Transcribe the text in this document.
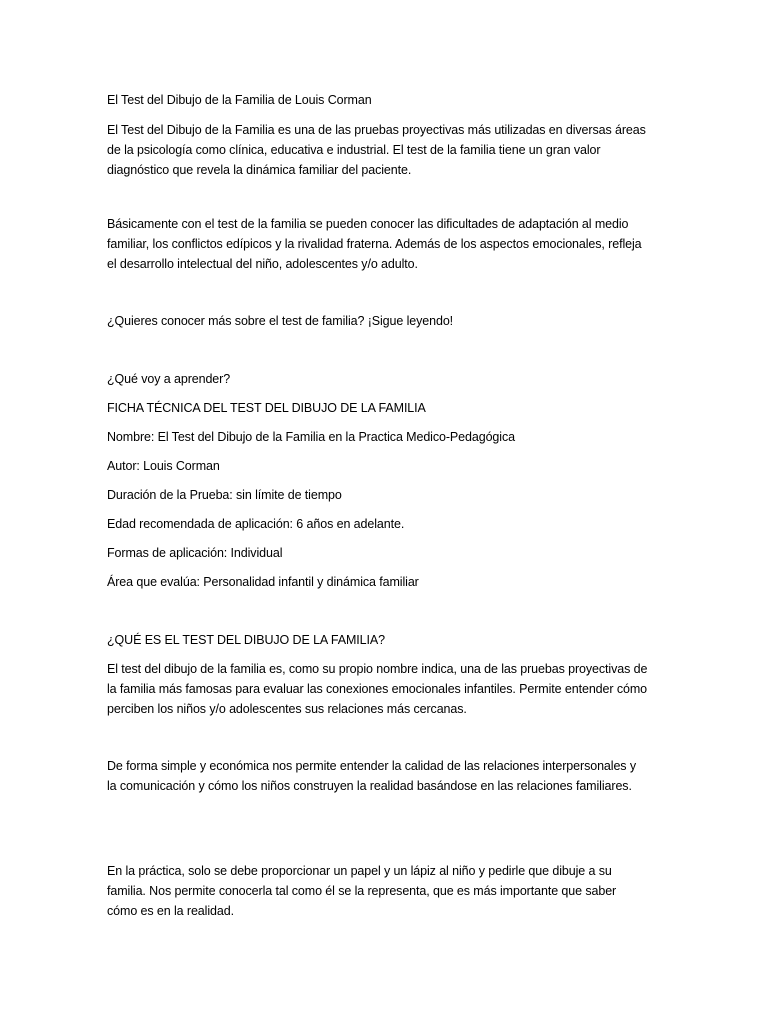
El Test del Dibujo de la Familia de Louis Corman
El Test del Dibujo de la Familia es una de las pruebas proyectivas más utilizadas en diversas áreas
de la psicología como clínica, educativa e industrial. El test de la familia tiene un gran valor
diagnóstico que revela la dinámica familiar del paciente.
Básicamente con el test de la familia se pueden conocer las dificultades de adaptación al medio
familiar, los conflictos edípicos y la rivalidad fraterna. Además de los aspectos emocionales, refleja
el desarrollo intelectual del niño, adolescentes y/o adulto.
¿Quieres conocer más sobre el test de familia? ¡Sigue leyendo!
¿Qué voy a aprender?
FICHA TÉCNICA DEL TEST DEL DIBUJO DE LA FAMILIA
Nombre: El Test del Dibujo de la Familia en la Practica Medico-Pedagógica
Autor: Louis Corman
Duración de la Prueba: sin límite de tiempo
Edad recomendada de aplicación: 6 años en adelante.
Formas de aplicación: Individual
Área que evalúa: Personalidad infantil y dinámica familiar
¿QUÉ ES EL TEST DEL DIBUJO DE LA FAMILIA?
El test del dibujo de la familia es, como su propio nombre indica, una de las pruebas proyectivas de
la familia más famosas para evaluar las conexiones emocionales infantiles. Permite entender cómo
perciben los niños y/o adolescentes sus relaciones más cercanas.
De forma simple y económica nos permite entender la calidad de las relaciones interpersonales y
la comunicación y cómo los niños construyen la realidad basándose en las relaciones familiares.
En la práctica, solo se debe proporcionar un papel y un lápiz al niño y pedirle que dibuje a su
familia. Nos permite conocerla tal como él se la representa, que es más importante que saber
cómo es en la realidad.
